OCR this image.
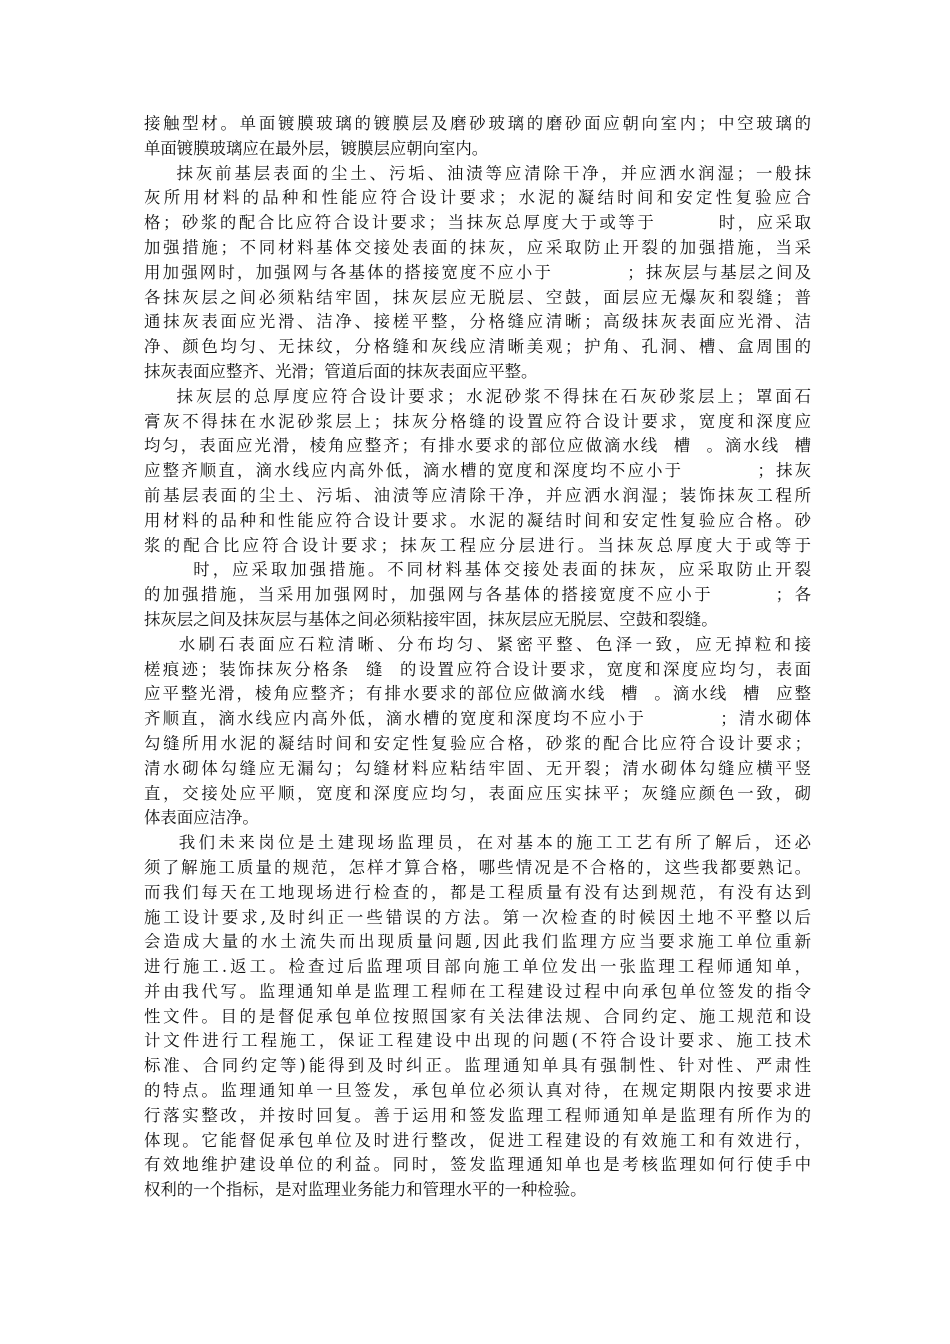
接触型材。单面镀膜玻璃的镀膜层及磨砂玻璃的磨砂面应朝向室内；中空玻璃的
单面镀膜玻璃应在最外层，镀膜层应朝向室内。
抹灰前基层表面的尘土、污垢、油渍等应清除干净，并应洒水润湿；一般抹
灰所用材料的品种和性能应符合设计要求；水泥的凝结时间和安定性复验应合
格；砂浆的配合比应符合设计要求；当抹灰总厚度大于或等于        时，应采取
加强措施；不同材料基体交接处表面的抹灰，应采取防止开裂的加强措施，当采
用加强网时，加强网与各基体的搭接宽度不应小于          ；抹灰层与基层之间及
各抹灰层之间必须粘结牢固，抹灰层应无脱层、空鼓，面层应无爆灰和裂缝；普
通抹灰表面应光滑、洁净、接槎平整，分格缝应清晰；高级抹灰表面应光滑、洁
净、颜色均匀、无抹纹，分格缝和灰线应清晰美观；护角、孔洞、槽、盒周围的
抹灰表面应整齐、光滑；管道后面的抹灰表面应平整。
抹灰层的总厚度应符合设计要求；水泥砂浆不得抹在石灰砂浆层上；罩面石
膏灰不得抹在水泥砂浆层上；抹灰分格缝的设置应符合设计要求，宽度和深度应
均匀，表面应光滑，棱角应整齐；有排水要求的部位应做滴水线  槽  。滴水线  槽
应整齐顺直，滴水线应内高外低，滴水槽的宽度和深度均不应小于          ；抹灰
前基层表面的尘土、污垢、油渍等应清除干净，并应洒水润湿；装饰抹灰工程所
用材料的品种和性能应符合设计要求。水泥的凝结时间和安定性复验应合格。砂
浆的配合比应符合设计要求；抹灰工程应分层进行。当抹灰总厚度大于或等于
时，应采取加强措施。不同材料基体交接处表面的抹灰，应采取防止开裂
的加强措施，当采用加强网时，加强网与各基体的搭接宽度不应小于        ；各
抹灰层之间及抹灰层与基体之间必须粘接牢固，抹灰层应无脱层、空鼓和裂缝。
水刷石表面应石粒清晰、分布均匀、紧密平整、色泽一致，应无掉粒和接
槎痕迹；装饰抹灰分格条  缝  的设置应符合设计要求，宽度和深度应均匀，表面
应平整光滑，棱角应整齐；有排水要求的部位应做滴水线  槽  。滴水线  槽  应整
齐顺直，滴水线应内高外低，滴水槽的宽度和深度均不应小于          ；清水砌体
勾缝所用水泥的凝结时间和安定性复验应合格，砂浆的配合比应符合设计要求；
清水砌体勾缝应无漏勾；勾缝材料应粘结牢固、无开裂；清水砌体勾缝应横平竖
直，交接处应平顺，宽度和深度应均匀，表面应压实抹平；灰缝应颜色一致，砌
体表面应洁净。
我们未来岗位是土建现场监理员，在对基本的施工工艺有所了解后，还必
须了解施工质量的规范，怎样才算合格，哪些情况是不合格的，这些我都要熟记。
而我们每天在工地现场进行检查的，都是工程质量有没有达到规范，有没有达到
施工设计要求,及时纠正一些错误的方法。第一次检查的时候因土地不平整以后
会造成大量的水土流失而出现质量问题,因此我们监理方应当要求施工单位重新
进行施工.返工。检查过后监理项目部向施工单位发出一张监理工程师通知单，
并由我代写。监理通知单是监理工程师在工程建设过程中向承包单位签发的指令
性文件。目的是督促承包单位按照国家有关法律法规、合同约定、施工规范和设
计文件进行工程施工，保证工程建设中出现的问题(不符合设计要求、施工技术
标准、合同约定等)能得到及时纠正。监理通知单具有强制性、针对性、严肃性
的特点。监理通知单一旦签发，承包单位必须认真对待，在规定期限内按要求进
行落实整改，并按时回复。善于运用和签发监理工程师通知单是监理有所作为的
体现。它能督促承包单位及时进行整改，促进工程建设的有效施工和有效进行，
有效地维护建设单位的利益。同时，签发监理通知单也是考核监理如何行使手中
权利的一个指标，是对监理业务能力和管理水平的一种检验。
